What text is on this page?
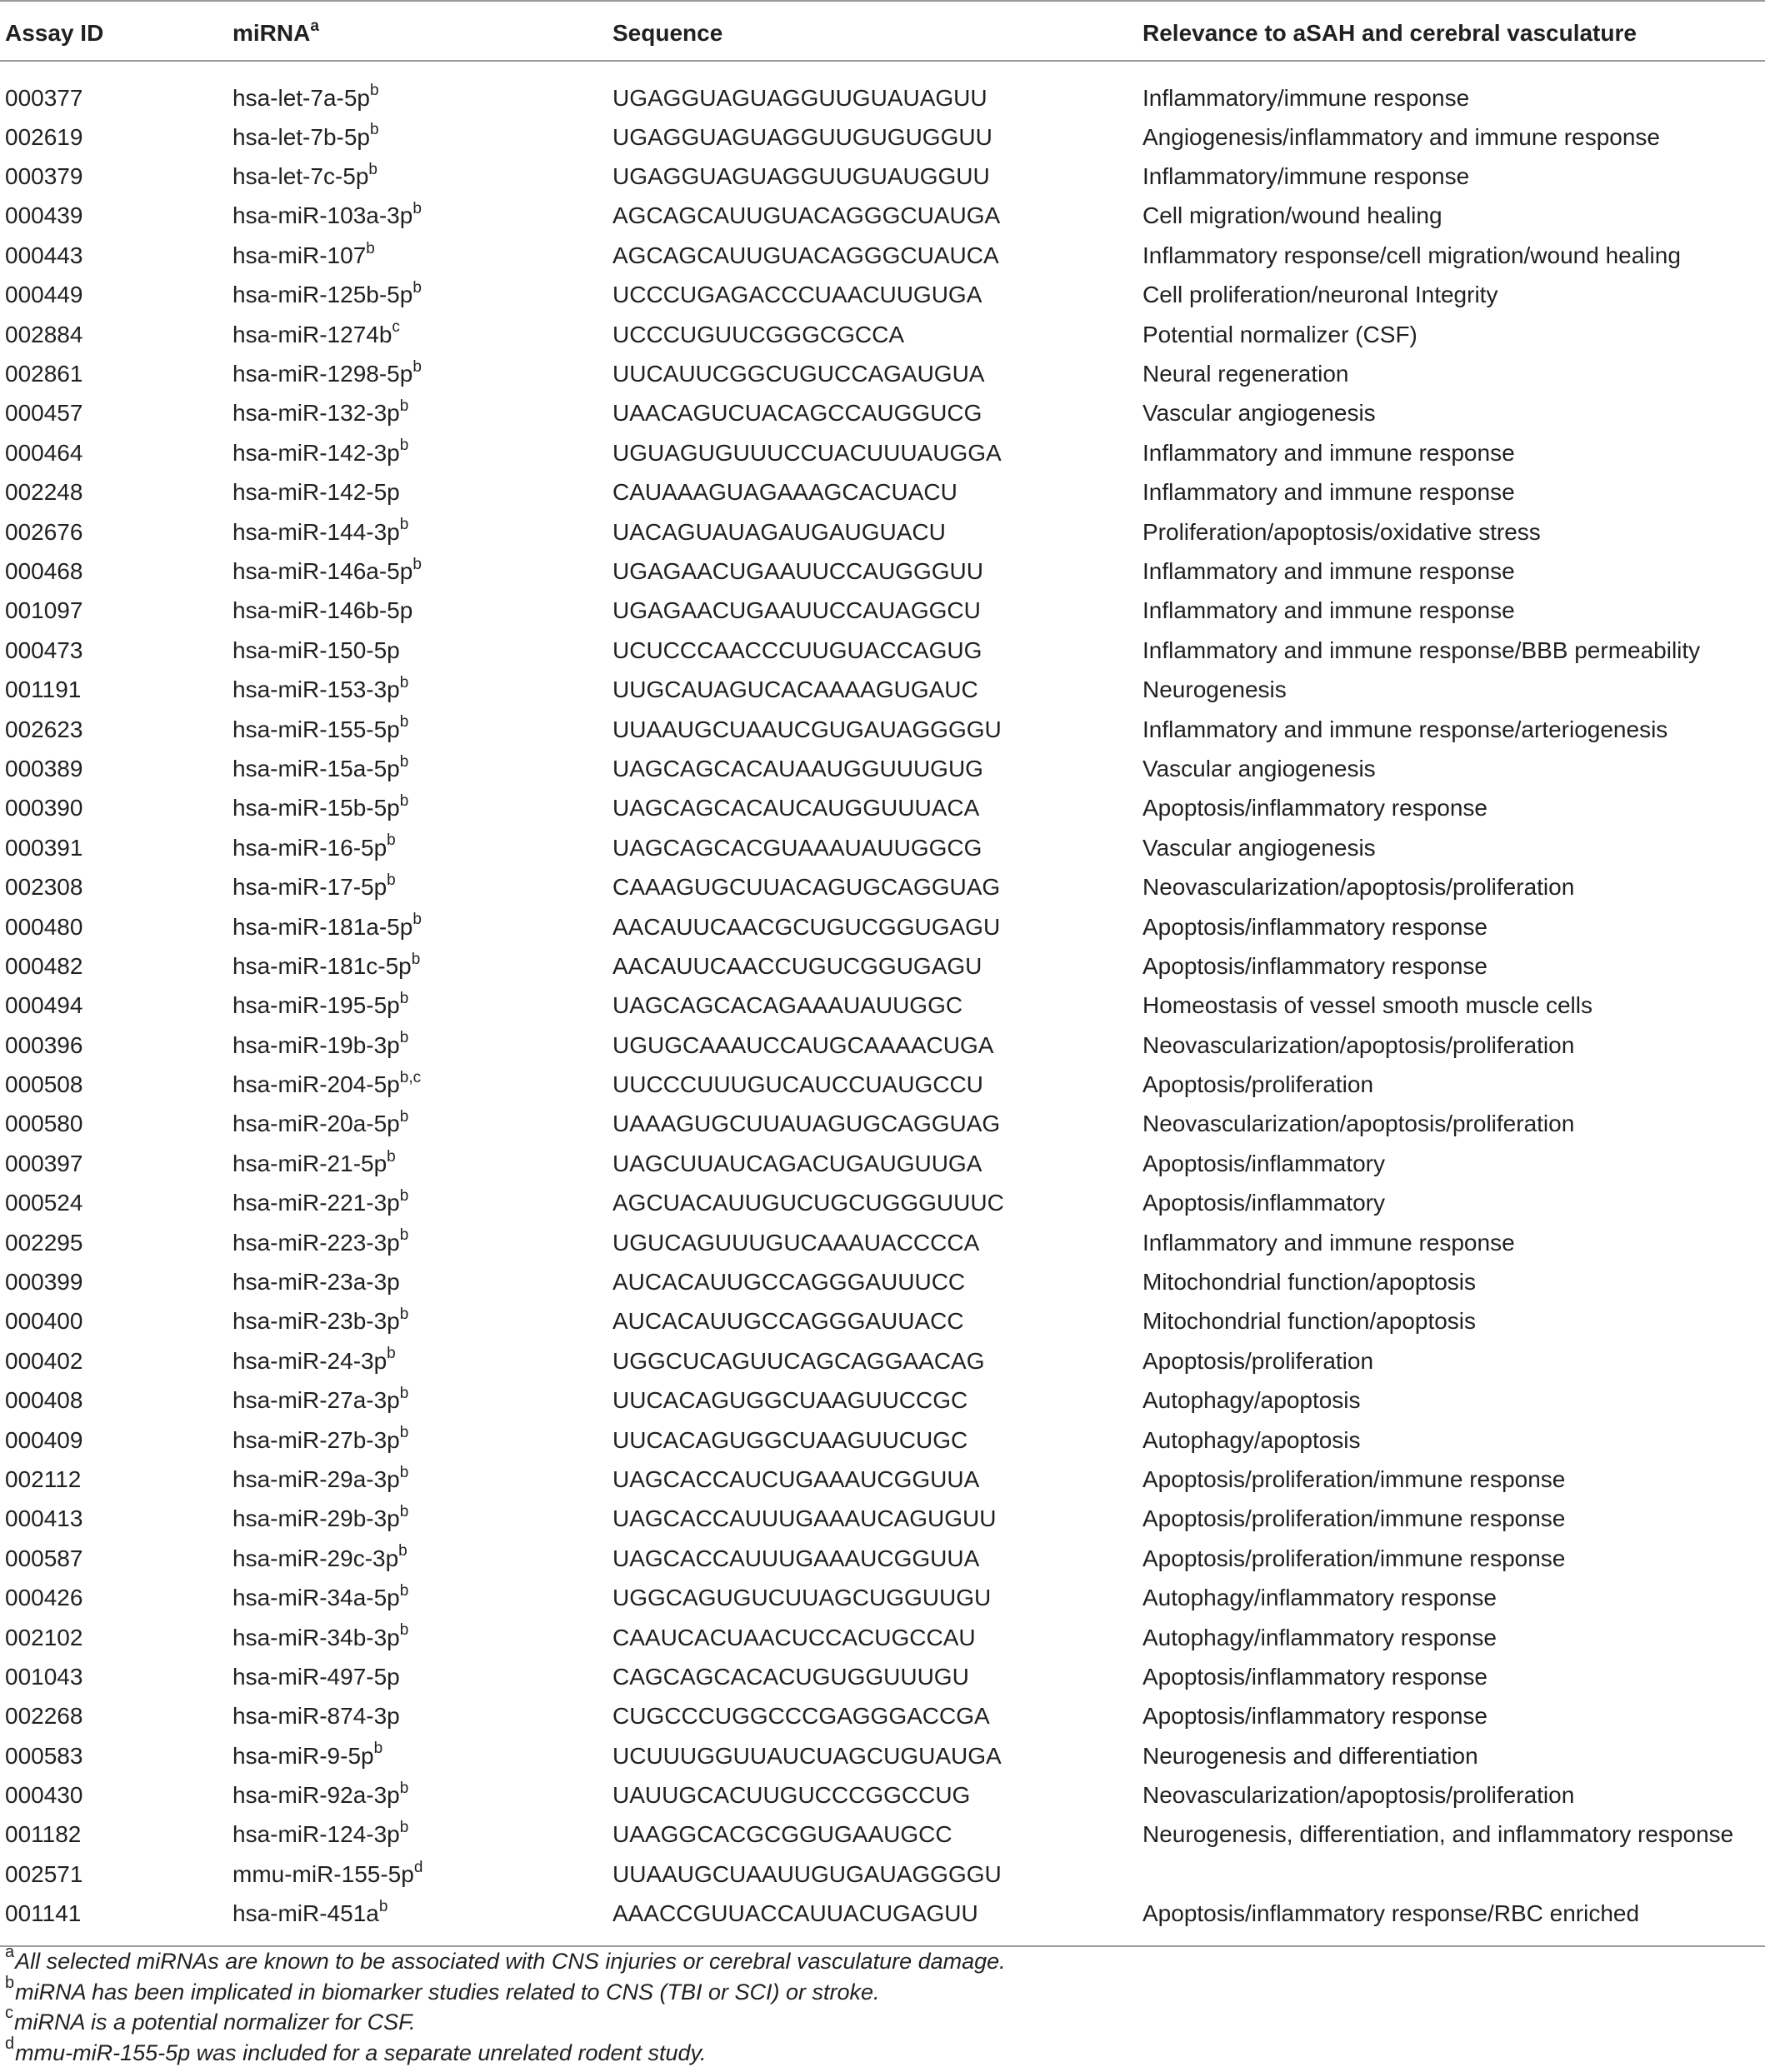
Assay ID	miRNA$^a$	Sequence	Relevance to aSAH and cerebral vasculature
000377	hsa-$let-7a-5p^b$	UGAGGUAGUAGGUUGUAUAGUU	Inflammatory/immune response
002619	hsa-$let-7b-5p^b$	UGAGGUAGUAGGUUGUGUGGUU	Angiogenesis/inflammatory and immune response
000379	hsa-$let-7c-5p^b$	UGAGGUAGUAGGUUGUAUGGUU	Inflammatory/immune response
000439	hsa-$miR-103a-3p^b$	AGCAGCAUUGUACAGGGCUAUGA	Cell migration/wound healing
000443	hsa-miR-107$^b$	AGCAGCAUUGUACAGGGCUAUCA	Inflammatory response/cell migration/wound healing
000449	hsa-$miR-125b-5p^b$	UCCCUGAGACCCUAACUUGUGA	Cell proliferation/neuronal Integrity
002884	hsa-$miR-1274b^c$	UCCCUGUUCGGGCGCCA	Potential normalizer (CSF)
002861	hsa-$miR-1298-5p^b$	UUCAUUCGGCUGUCCAGAUGUA	Neural regeneration
000457	hsa-$miR-132-3p^b$	UAACAGUCUACAGCCAUGGUCG	Vascular angiogenesis
000464	hsa-$miR-142-3p^b$	UGUAGUGUUUCCUACUUUAUGGA	Inflammatory and immune response
002248	hsa-miR-142-5p	CAUAAAGUAGAAAGCACUACU	Inflammatory and immune response
002676	hsa-$miR-144-3p^b$	UACAGUAUAGAUGAUGUACU	Proliferation/apoptosis/oxidative stress
000468	hsa-$miR-146a-5p^b$	UGAGAACUGAAUUCCAUGGGUU	Inflammatory and immune response
001097	hsa-miR-146b-5p	UGAGAACUGAAUUCCAUAGGCU	Inflammatory and immune response
000473	hsa-miR-150-5p	UCUCCCAACCCUUGUACCAGUG	Inflammatory and immune response/BBB permeability
001191	hsa-$miR-153-3p^b$	UUGCAUAGUCACAAAAGUGAUC	Neurogenesis
002623	hsa-$miR-155-5p^b$	UUAAUGCUAAUCGUGAUAGGGGU	Inflammatory and immune response/arteriogenesis
000389	hsa-$miR-15a-5p^b$	UAGCAGCACAUAAUGGUUUGUG	Vascular angiogenesis
000390	hsa-$miR-15b-5p^b$	UAGCAGCACAUCAUGGUUUACA	Apoptosis/inflammatory response
000391	hsa-$miR-16-5p^b$	UAGCAGCACGUAAAUAUUGGCG	Vascular angiogenesis
002308	hsa-$miR-17-5p^b$	CAAAGUGCUUACAGUGCAGGUAG	Neovascularization/apoptosis/proliferation
000480	hsa-$miR-181a-5p^b$	AACAUUCAACGCUGUCGGUGAGU	Apoptosis/inflammatory response
000482	hsa-$miR-181c-5p^b$	AACAUUCAACCUGUCGGUGAGU	Apoptosis/inflammatory response
000494	hsa-$miR-195-5p^b$	UAGCAGCACAGAAAUAUUGGC	Homeostasis of vessel smooth muscle cells
000396	hsa-$miR-19b-3p^b$	UGUGCAAAUCCAUGCAAAACUGA	Neovascularization/apoptosis/proliferation
000508	hsa-$miR-204-5p^{b,c}$	UUCCCUUUGUCAUCCUAUGCCU	Apoptosis/proliferation
000580	hsa-$miR-20a-5p^b$	UAAAGUGCUUAUAGUGCAGGUAG	Neovascularization/apoptosis/proliferation
000397	hsa-$miR-21-5p^b$	UAGCUUAUCAGACUGAUGUUGA	Apoptosis/inflammatory
000524	hsa-$miR-221-3p^b$	AGCUACAUUGUCUGCUGGGUUUC	Apoptosis/inflammatory
002295	hsa-$miR-223-3p^b$	UGUCAGUUUGUCAAAUACCCCA	Inflammatory and immune response
000399	hsa-miR-23a-3p	AUCACAUUGCCAGGGAUUUCC	Mitochondrial function/apoptosis
000400	hsa-$miR-23b-3p^b$	AUCACAUUGCCAGGGAUUACC	Mitochondrial function/apoptosis
000402	hsa-$miR-24-3p^b$	UGGCUCAGUUCAGCAGGAACAG	Apoptosis/proliferation
000408	hsa-$miR-27a-3p^b$	UUCACAGUGGCUAAGUUCCGC	Autophagy/apoptosis
000409	hsa-$miR-27b-3p^b$	UUCACAGUGGCUAAGUUCUGC	Autophagy/apoptosis
002112	hsa-$miR-29a-3p^b$	UAGCACCAUCUGAAAUCGGUUA	Apoptosis/proliferation/immune response
000413	hsa-$miR-29b-3p^b$	UAGCACCAUUUGAAAUCAGUGUU	Apoptosis/proliferation/immune response
000587	hsa-$miR-29c-3p^b$	UAGCACCAUUUGAAAUCGGUUA	Apoptosis/proliferation/immune response
000426	hsa-$miR-34a-5p^b$	UGGCAGUGUCUUAGCUGGUUGU	Autophagy/inflammatory response
002102	hsa-$miR-34b-3p^b$	CAAUCACUAACUCCACUGCCAU	Autophagy/inflammatory response
001043	hsa-miR-497-5p	CAGCAGCACACUGUGGUUUGU	Apoptosis/inflammatory response
002268	hsa-miR-874-3p	CUGCCCUGGCCCGAGGGACCGA	Apoptosis/inflammatory response
000583	hsa-$miR-9-5p^b$	UCUUUGGUUAUCUAGCUGUAUGA	Neurogenesis and differentiation
000430	hsa-$miR-92a-3p^b$	UAUUGCACUUGUCCCGGCCUG	Neovascularization/apoptosis/proliferation
001182	hsa-$miR-124-3p^b$	UAAGGCACGCGGUGAAUGCC	Neurogenesis, differentiation, and inflammatory response
002571	mmu-$miR-155-5p^d$	UUAAUGCUAAUUGUGAUAGGGGU	
001141	hsa-$miR-451a^b$	AAACCGUUACCAUUACUGAGUU	Apoptosis/inflammatory response/RBC enriched
$^a$All selected miRNAs are known to be associated with CNS injuries or cerebral vasculature damage.
$^b$miRNA has been implicated in biomarker studies related to CNS (TBI or SCI) or stroke.
$^c$miRNA is a potential normalizer for CSF.
$^d$mmu-miR-155-5p was included for a separate unrelated rodent study.
